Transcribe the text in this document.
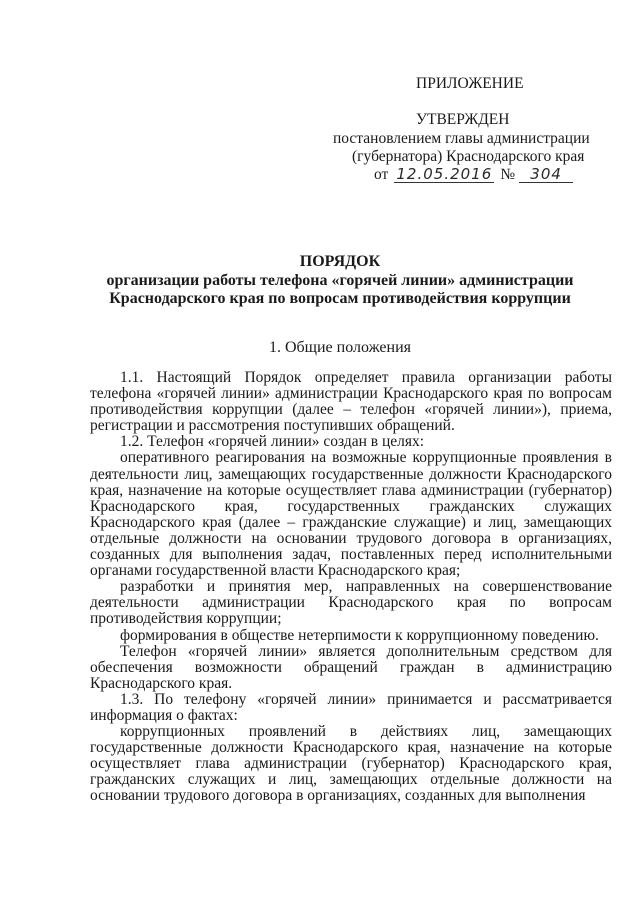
ПРИЛОЖЕНИЕ
УТВЕРЖДЕН
постановлением главы администрации
(губернатора) Краснодарского края
от 12.05.2016 №	304
ПОРЯДОК
организации работы телефона «горячей линии» администрации
Краснодарского края по вопросам противодействия коррупции
1. Общие положения

1.1. Настоящий Порядок определяет правила организации работы телефона «горячей линии» администрации Краснодарского края по вопросам противодействия коррупции (далее – телефон «горячей линии»), приема, регистрации и рассмотрения поступивших обращений.

1.2. Телефон «горячей линии» создан в целях:

оперативного реагирования на возможные коррупционные проявления в деятельности лиц, замещающих государственные должности Краснодарского края, назначение на которые осуществляет глава администрации (губернатор) Краснодарского края, государственных гражданских служащих Краснодарского края (далее – гражданские служащие) и лиц, замещающих отдельные должности на основании трудового договора в организациях, созданных для выполнения задач, поставленных перед исполнительными органами государственной власти Краснодарского края;

разработки и принятия мер, направленных на совершенствование деятельности администрации Краснодарского края по вопросам противодействия коррупции;

формирования в обществе нетерпимости к коррупционному поведению.

Телефон «горячей линии» является дополнительным средством для обеспечения возможности обращений граждан в администрацию Краснодарского края.

1.3. По телефону «горячей линии» принимается и рассматривается информация о фактах:

коррупционных проявлений в действиях лиц, замещающих государственные должности Краснодарского края, назначение на которые осуществляет глава администрации (губернатор) Краснодарского края, гражданских служащих и лиц, замещающих отдельные должности на основании трудового договора в организациях, созданных для выполнения
